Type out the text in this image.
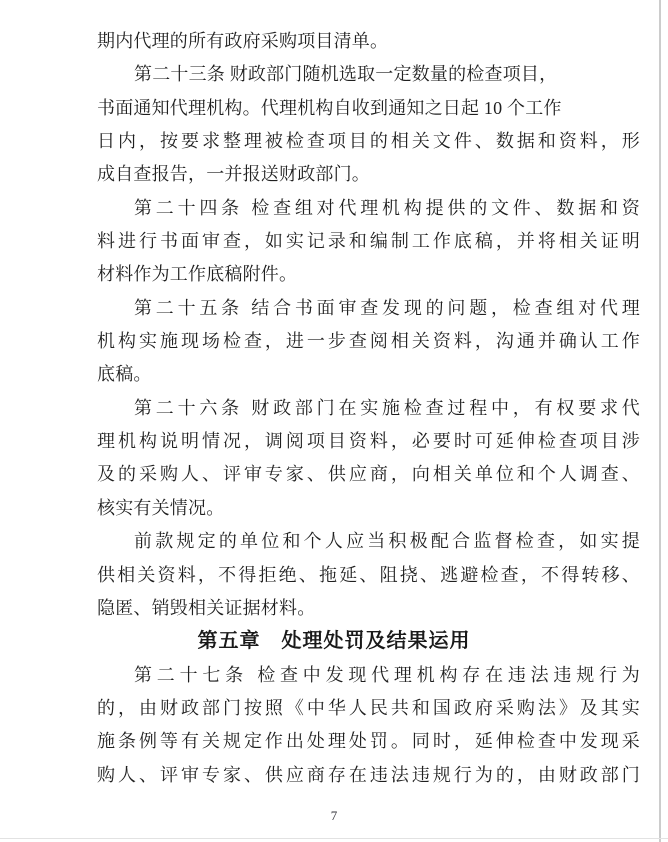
期内代理的所有政府采购项目清单。
第二十三条 财政部门随机选取一定数量的检查项目，
书面通知代理机构。代理机构自收到通知之日起 10 个工作
日内，按要求整理被检查项目的相关文件、数据和资料，形
成自查报告，一并报送财政部门。
第二十四条 检查组对代理机构提供的文件、数据和资
料进行书面审查，如实记录和编制工作底稿，并将相关证明
材料作为工作底稿附件。
第二十五条 结合书面审查发现的问题，检查组对代理
机构实施现场检查，进一步查阅相关资料，沟通并确认工作
底稿。
第二十六条 财政部门在实施检查过程中，有权要求代
理机构说明情况，调阅项目资料，必要时可延伸检查项目涉
及的采购人、评审专家、供应商，向相关单位和个人调查、
核实有关情况。
前款规定的单位和个人应当积极配合监督检查，如实提
供相关资料，不得拒绝、拖延、阻挠、逃避检查，不得转移、
隐匿、销毁相关证据材料。
第五章　处理处罚及结果运用
第二十七条 检查中发现代理机构存在违法违规行为
的，由财政部门按照《中华人民共和国政府采购法》及其实
施条例等有关规定作出处理处罚。同时，延伸检查中发现采
购人、评审专家、供应商存在违法违规行为的，由财政部门
7
